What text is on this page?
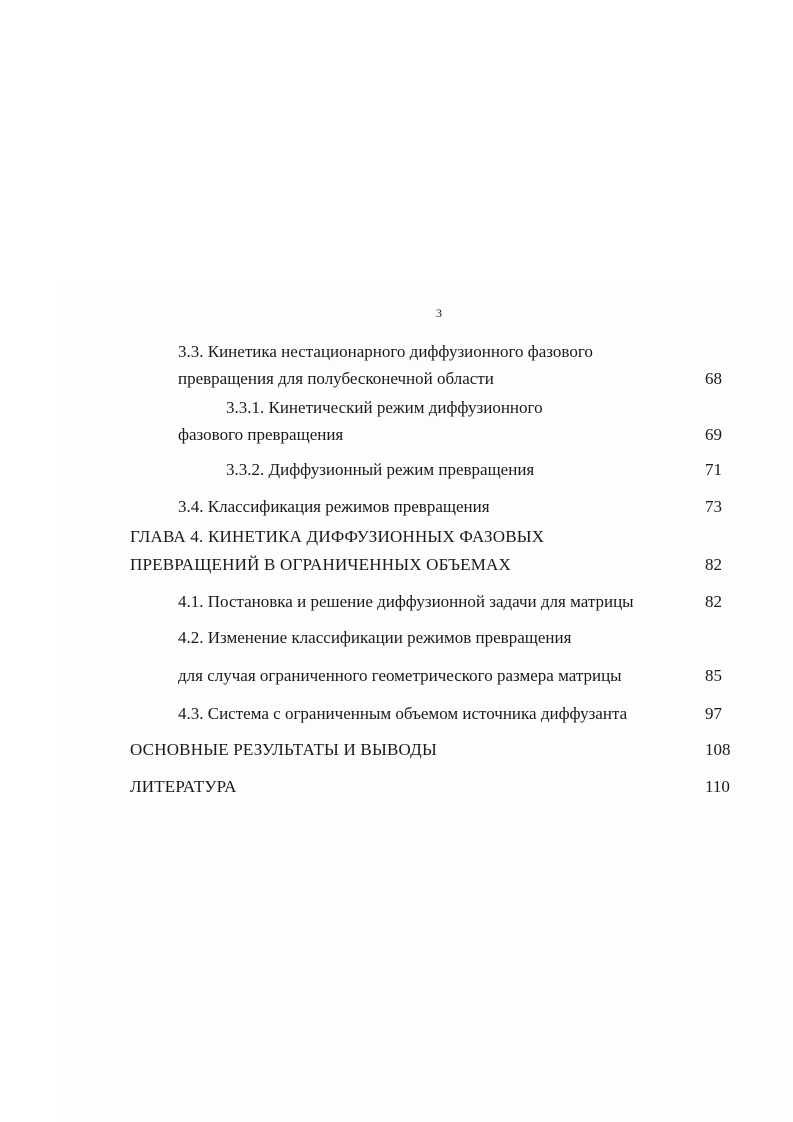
3
3.3. Кинетика нестационарного диффузионного фазового
превращения для полубесконечной области	68
3.3.1. Кинетический режим диффузионного
фазового превращения	69
3.3.2. Диффузионный режим превращения	71
3.4. Классификация режимов превращения	73
ГЛАВА 4. КИНЕТИКА ДИФФУЗИОННЫХ ФАЗОВЫХ
ПРЕВРАЩЕНИЙ В ОГРАНИЧЕННЫХ ОБЪЕМАХ	82
4.1. Постановка и решение диффузионной задачи для матрицы	82
4.2. Изменение классификации режимов превращения
для случая ограниченного геометрического размера матрицы	85
4.3. Система с ограниченным объемом источника диффузанта	97
ОСНОВНЫЕ РЕЗУЛЬТАТЫ И ВЫВОДЫ	108
ЛИТЕРАТУРА	110
